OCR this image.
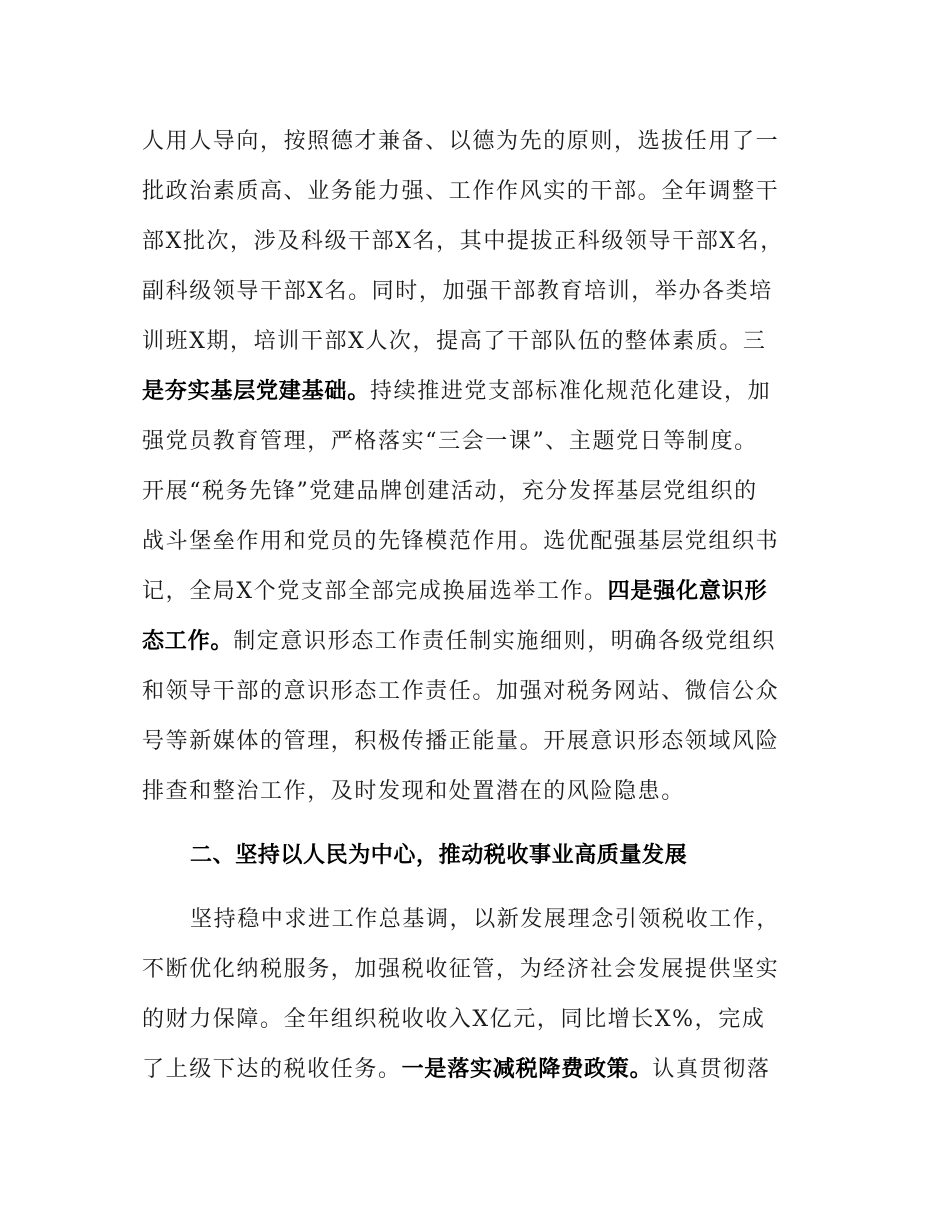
人用人导向，按照德才兼备、以德为先的原则，选拔任用了一
批政治素质高、业务能力强、工作作风实的干部。全年调整干
部X批次，涉及科级干部X名，其中提拔正科级领导干部X名，
副科级领导干部X名。同时，加强干部教育培训，举办各类培
训班X期，培训干部X人次，提高了干部队伍的整体素质。三
是夯实基层党建基础。持续推进党支部标准化规范化建设，加
强党员教育管理，严格落实“三会一课”、主题党日等制度。
开展“税务先锋”党建品牌创建活动，充分发挥基层党组织的
战斗堡垒作用和党员的先锋模范作用。选优配强基层党组织书
记，全局X个党支部全部完成换届选举工作。四是强化意识形
态工作。制定意识形态工作责任制实施细则，明确各级党组织
和领导干部的意识形态工作责任。加强对税务网站、微信公众
号等新媒体的管理，积极传播正能量。开展意识形态领域风险
排查和整治工作，及时发现和处置潜在的风险隐患。
二、坚持以人民为中心，推动税收事业高质量发展
坚持稳中求进工作总基调，以新发展理念引领税收工作，
不断优化纳税服务，加强税收征管，为经济社会发展提供坚实
的财力保障。全年组织税收收入X亿元，同比增长X%，完成
了上级下达的税收任务。一是落实减税降费政策。认真贯彻落
